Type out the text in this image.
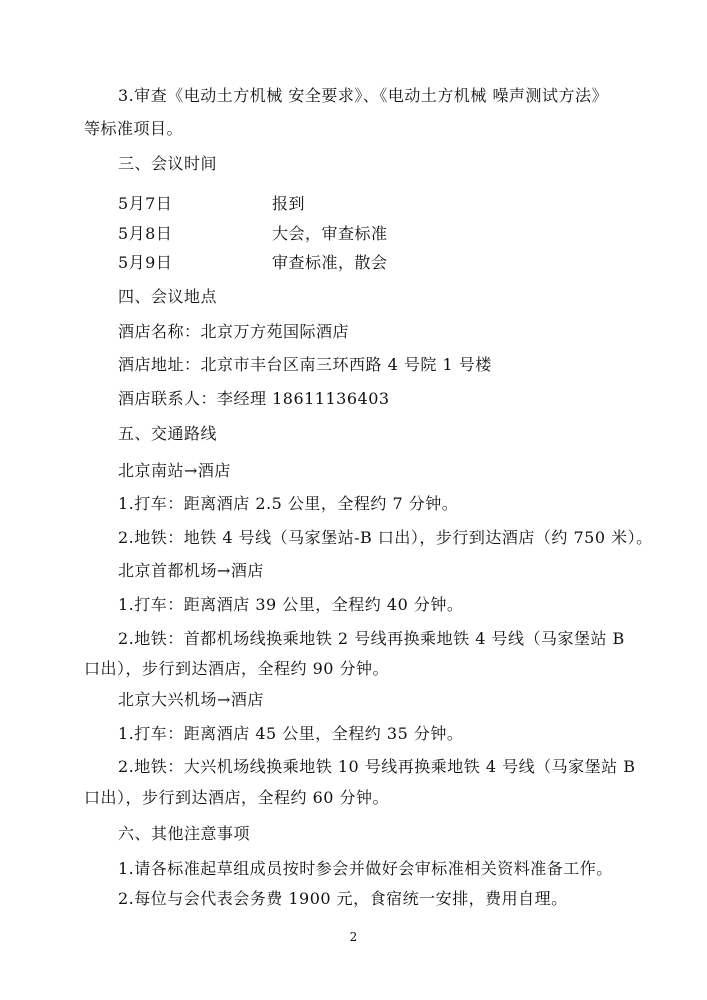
3.审查《电动土方机械 安全要求》、《电动土方机械 噪声测试方法》
等标准项目。
三、会议时间
5月7日	报到
5月8日	大会，审查标准
5月9日	审查标准，散会
四、会议地点
酒店名称：北京万方苑国际酒店
酒店地址：北京市丰台区南三环西路 4 号院 1 号楼
酒店联系人：李经理 18611136403
五、交通路线
北京南站→酒店
1.打车：距离酒店 2.5 公里，全程约 7 分钟。
2.地铁：地铁 4 号线（马家堡站-B 口出），步行到达酒店（约 750 米）。
北京首都机场→酒店
1.打车：距离酒店 39 公里，全程约 40 分钟。
2.地铁：首都机场线换乘地铁 2 号线再换乘地铁 4 号线（马家堡站 B
口出），步行到达酒店，全程约 90 分钟。
北京大兴机场→酒店
1.打车：距离酒店 45 公里，全程约 35 分钟。
2.地铁：大兴机场线换乘地铁 10 号线再换乘地铁 4 号线（马家堡站 B
口出），步行到达酒店，全程约 60 分钟。
六、其他注意事项
1.请各标准起草组成员按时参会并做好会审标准相关资料准备工作。
2.每位与会代表会务费 1900 元，食宿统一安排，费用自理。
2
